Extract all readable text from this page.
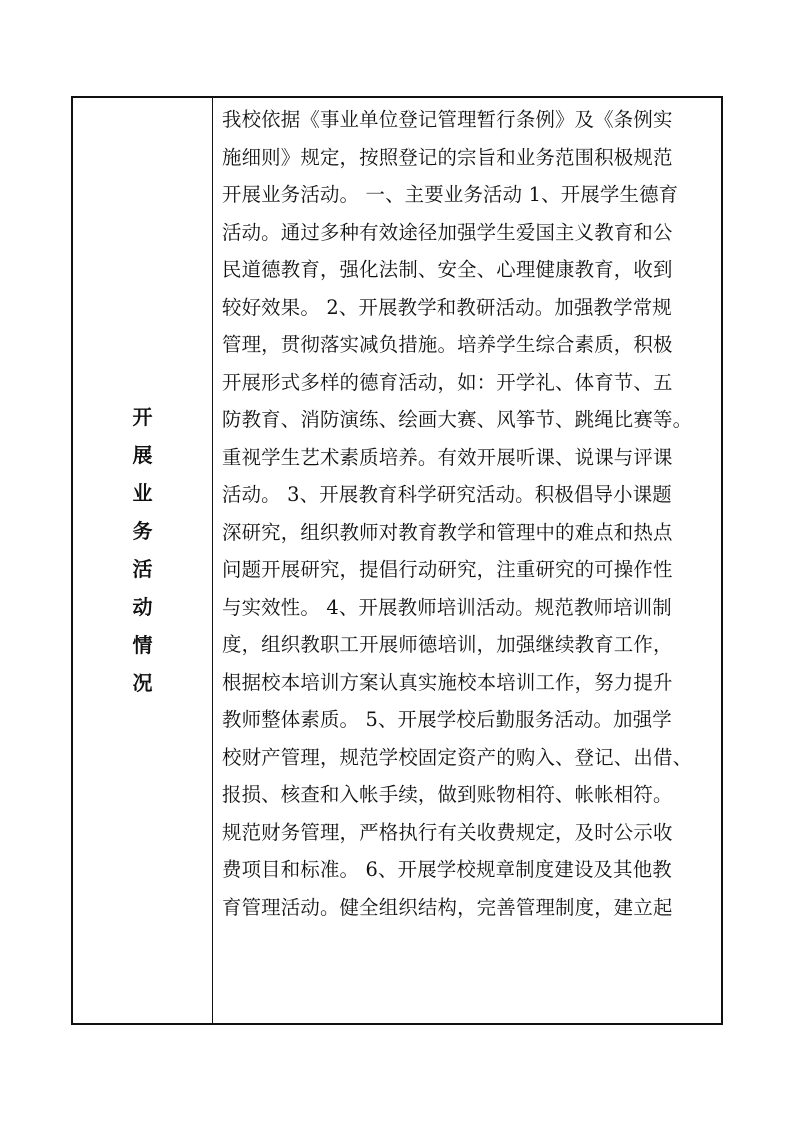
开
展
业
务
活
动
情
况
我校依据《事业单位登记管理暂行条例》及《条例实
施细则》规定，按照登记的宗旨和业务范围积极规范
开展业务活动。 一、主要业务活动 1、开展学生德育
活动。通过多种有效途径加强学生爱国主义教育和公
民道德教育，强化法制、安全、心理健康教育，收到
较好效果。 2、开展教学和教研活动。加强教学常规
管理，贯彻落实减负措施。培养学生综合素质，积极
开展形式多样的德育活动，如：开学礼、体育节、五
防教育、消防演练、绘画大赛、风筝节、跳绳比赛等。
重视学生艺术素质培养。有效开展听课、说课与评课
活动。 3、开展教育科学研究活动。积极倡导小课题
深研究，组织教师对教育教学和管理中的难点和热点
问题开展研究，提倡行动研究，注重研究的可操作性
与实效性。 4、开展教师培训活动。规范教师培训制
度，组织教职工开展师德培训，加强继续教育工作，
根据校本培训方案认真实施校本培训工作，努力提升
教师整体素质。 5、开展学校后勤服务活动。加强学
校财产管理，规范学校固定资产的购入、登记、出借、
报损、核查和入帐手续，做到账物相符、帐帐相符。
规范财务管理，严格执行有关收费规定，及时公示收
费项目和标准。 6、开展学校规章制度建设及其他教
育管理活动。健全组织结构，完善管理制度，建立起
